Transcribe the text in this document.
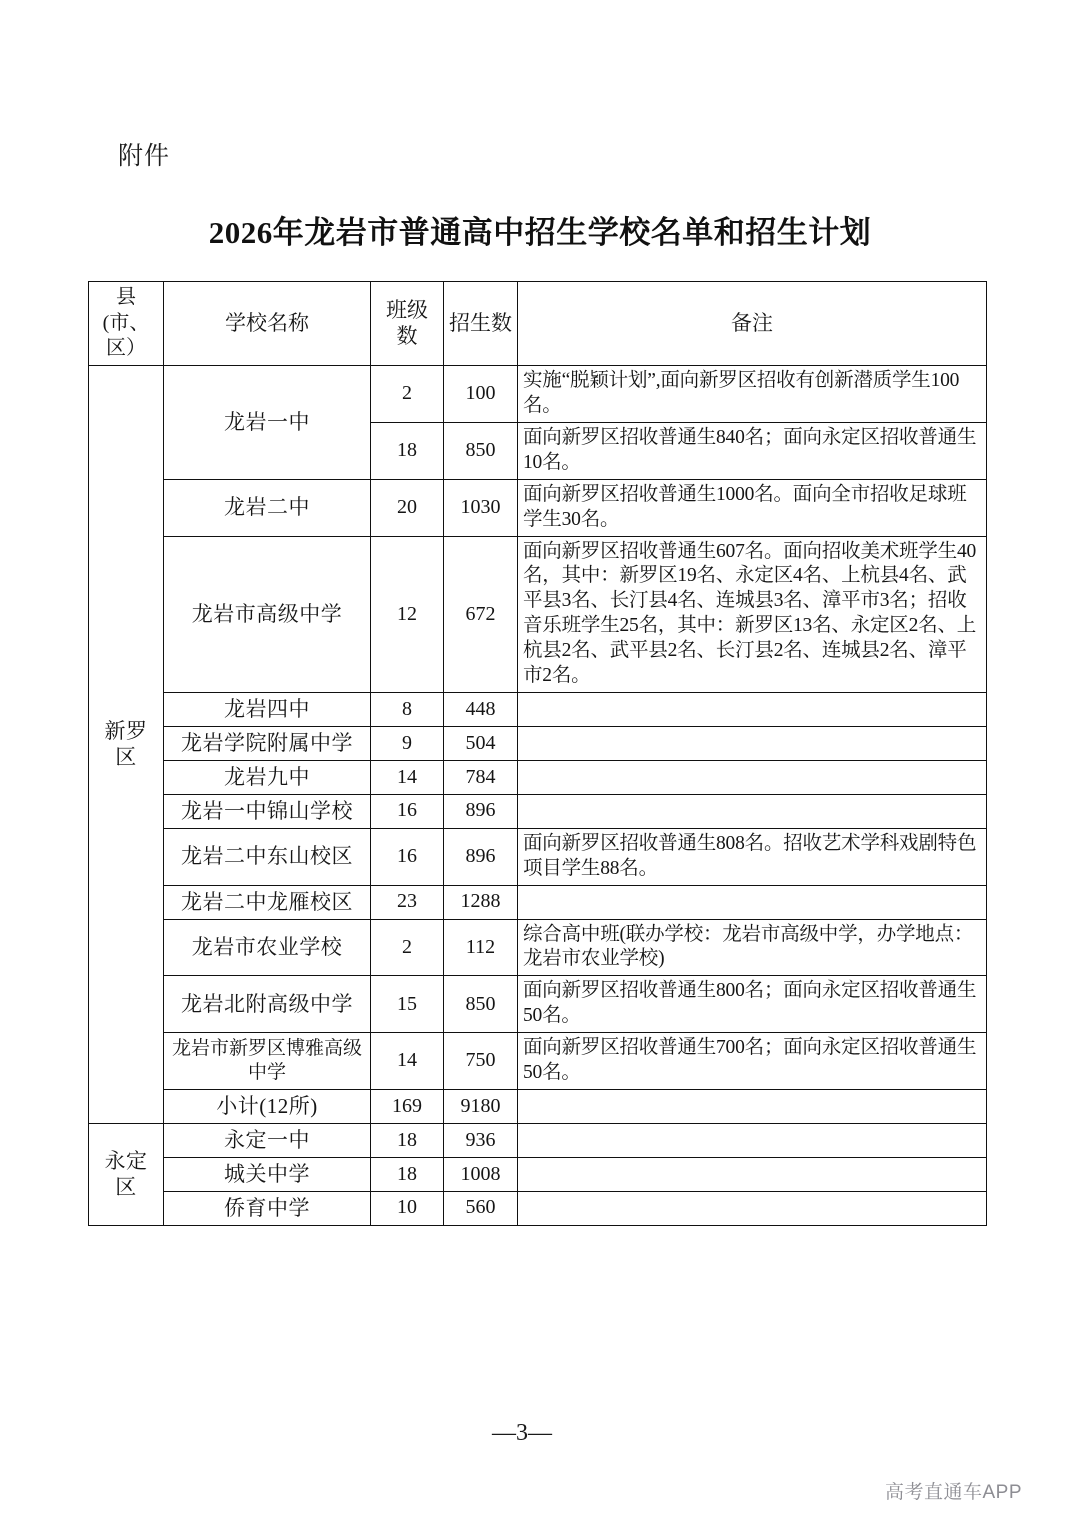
附件
2026年龙岩市普通高中招生学校名单和招生计划
县(市、区）	学校名称	班级数	招生数	备注
新罗区	龙岩一中	2	100	实施“脱颖计划”,面向新罗区招收有创新潜质学生100名。
		18	850	面向新罗区招收普通生840名；面向永定区招收普通生10名。
	龙岩二中	20	1030	面向新罗区招收普通生1000名。面向全市招收足球班学生30名。
	龙岩市高级中学	12	672	面向新罗区招收普通生607名。面向招收美术班学生40名，其中：新罗区19名、永定区4名、上杭县4名、武平县3名、长汀县4名、连城县3名、漳平市3名；招收音乐班学生25名，其中：新罗区13名、永定区2名、上杭县2名、武平县2名、长汀县2名、连城县2名、漳平市2名。
	龙岩四中	8	448	
	龙岩学院附属中学	9	504	
	龙岩九中	14	784	
	龙岩一中锦山学校	16	896	
	龙岩二中东山校区	16	896	面向新罗区招收普通生808名。招收艺术学科戏剧特色项目学生88名。
	龙岩二中龙雁校区	23	1288	
	龙岩市农业学校	2	112	综合高中班(联办学校：龙岩市高级中学，办学地点：龙岩市农业学校)
	龙岩北附高级中学	15	850	面向新罗区招收普通生800名；面向永定区招收普通生50名。
	龙岩市新罗区博雅高级中学	14	750	面向新罗区招收普通生700名；面向永定区招收普通生50名。
	小计(12所)	169	9180	
永定区	永定一中	18	936	
	城关中学	18	1008	
	侨育中学	10	560	
—3—
高考直通车APP
